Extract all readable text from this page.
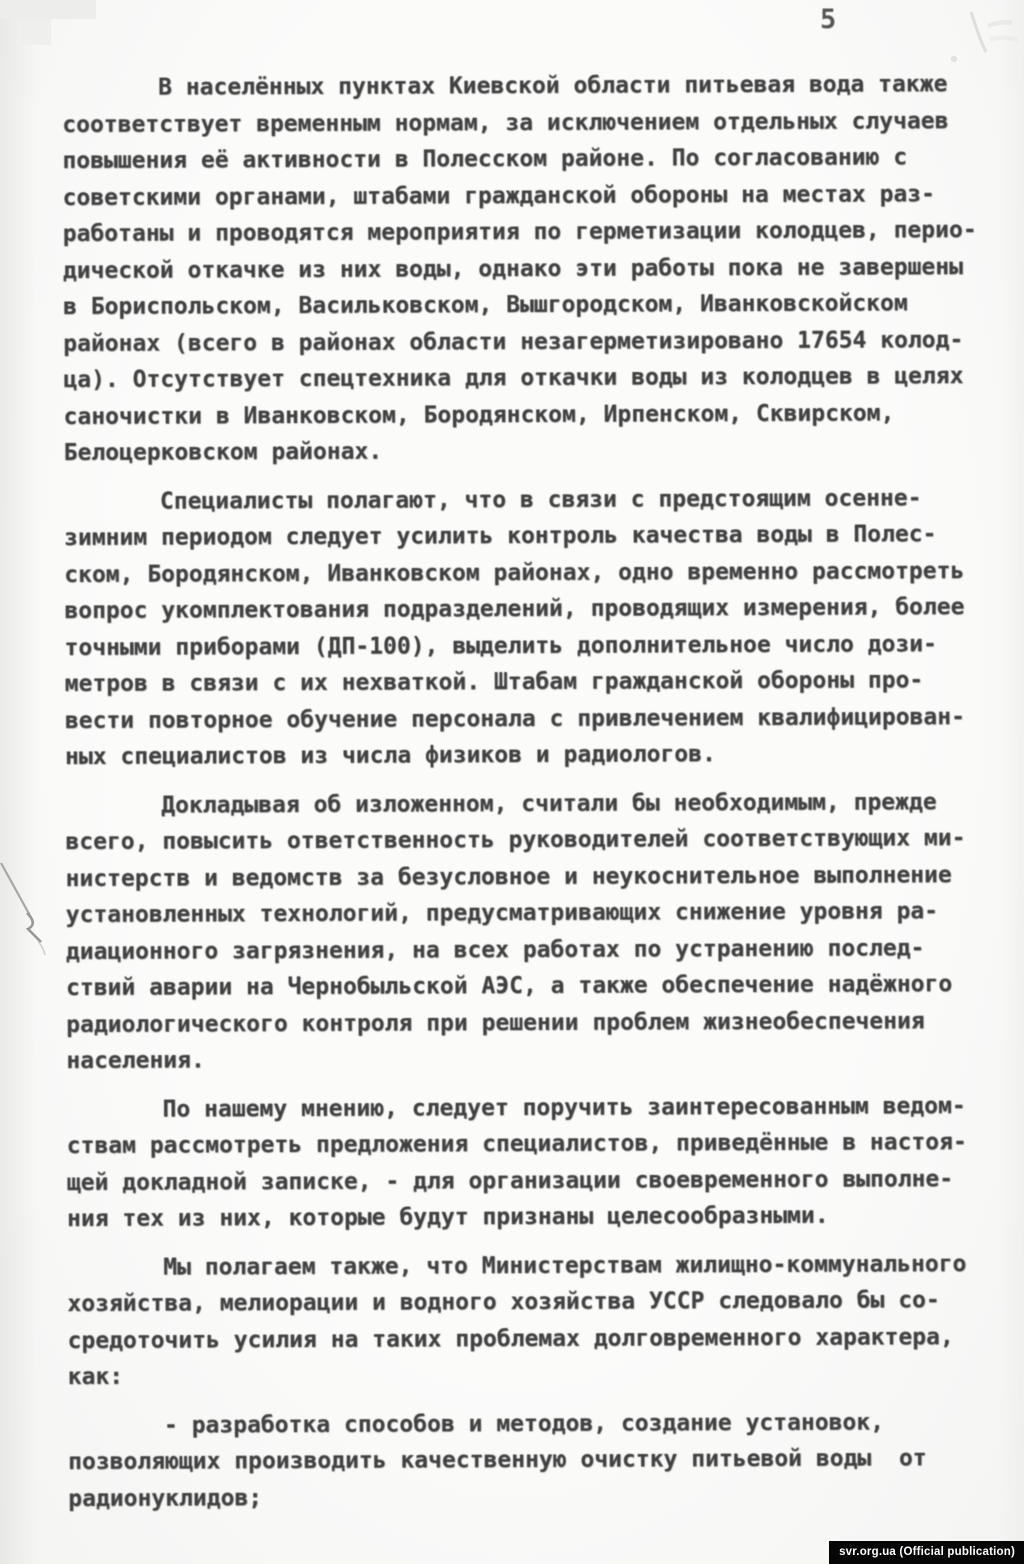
5

В населённых пунктах Киевской области питьевая вода также
соответствует временным нормам, за исключением отдельных случаев
повышения её активности в Полесском районе. По согласованию с
советскими органами, штабами гражданской обороны на местах раз-
работаны и проводятся мероприятия по герметизации колодцев, перио-
дической откачке из них воды, однако эти работы пока не завершены
в Бориспольском, Васильковском, Вышгородском, Иванковскойском
районах (всего в районах области незагерметизировано 17654 колод-
ца). Отсутствует спецтехника для откачки воды из колодцев в целях
саночистки в Иванковском, Бородянском, Ирпенском, Сквирском,
Белоцерковском районах.

Специалисты полагают, что в связи с предстоящим осенне-
зимним периодом следует усилить контроль качества воды в Полес-
ском, Бородянском, Иванковском районах, одно временно рассмотреть
вопрос укомплектования подразделений, проводящих измерения, более
точными приборами (ДП-100), выделить дополнительное число дози-
метров в связи с их нехваткой. Штабам гражданской обороны про-
вести повторное обучение персонала с привлечением квалифицирован-
ных специалистов из числа физиков и радиологов.

Докладывая об изложенном, считали бы необходимым, прежде
всего, повысить ответственность руководителей соответствующих ми-
нистерств и ведомств за безусловное и неукоснительное выполнение
установленных технологий, предусматривающих снижение уровня ра-
диационного загрязнения, на всех работах по устранению послед-
ствий аварии на Чернобыльской АЭС, а также обеспечение надёжного
радиологического контроля при решении проблем жизнеобеспечения
населения.

По нашему мнению, следует поручить заинтересованным ведом-
ствам рассмотреть предложения специалистов, приведённые в настоя-
щей докладной записке, - для организации своевременного выполне-
ния тех из них, которые будут признаны целесообразными.

Мы полагаем также, что Министерствам жилищно-коммунального
хозяйства, мелиорации и водного хозяйства УССР следовало бы со-
средоточить усилия на таких проблемах долговременного характера,
как:

- разработка способов и методов, создание установок,
позволяющих производить качественную очистку питьевой воды  от
радионуклидов;

svr.org.ua (Official publication)
